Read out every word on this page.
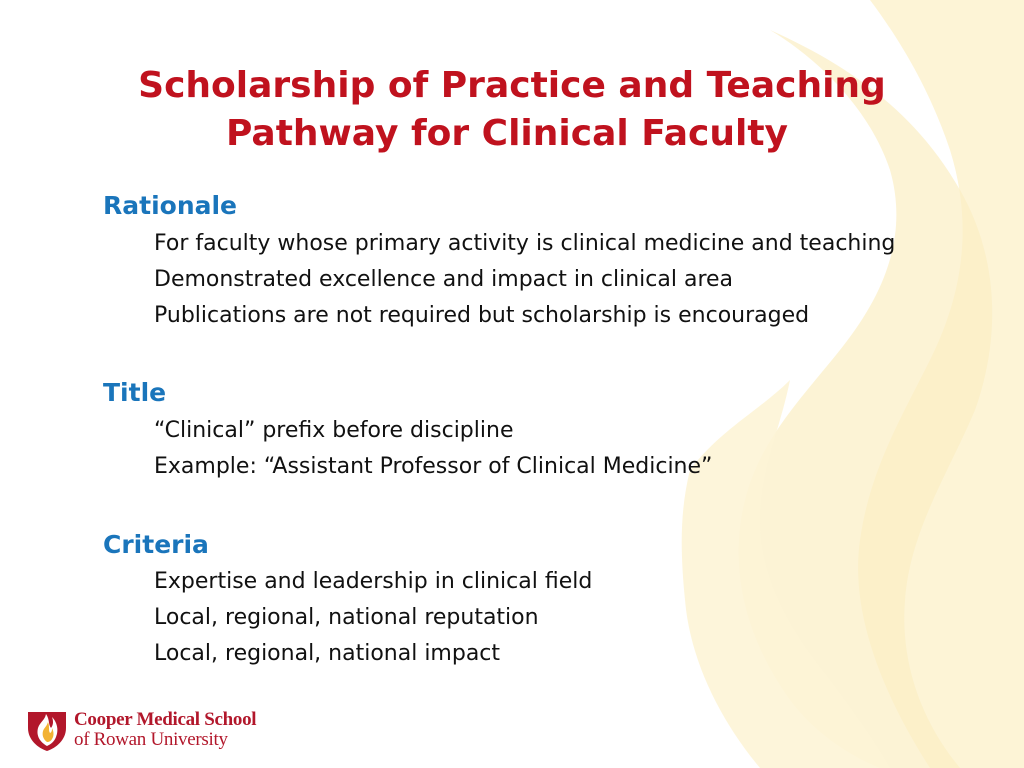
Scholarship of Practice and Teaching
Pathway for Clinical Faculty
Rationale
For faculty whose primary activity is clinical medicine and teaching
Demonstrated excellence and impact in clinical area
Publications are not required but scholarship is encouraged
Title
“Clinical” prefix before discipline
Example: “Assistant Professor of Clinical Medicine”
Criteria
Expertise and leadership in clinical field
Local, regional, national reputation
Local, regional, national impact
Cooper Medical School
of Rowan University
